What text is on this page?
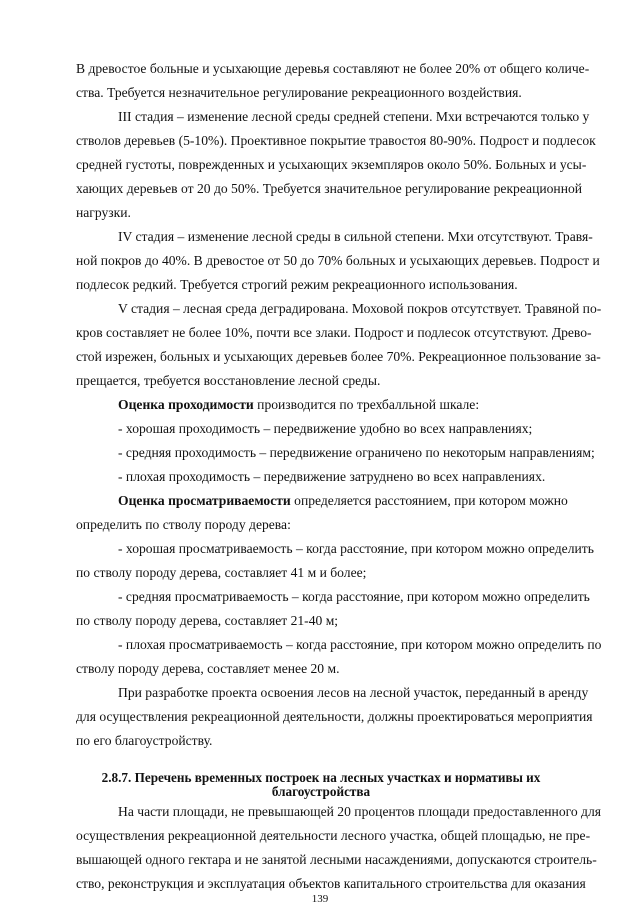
В древостое больные и усыхающие деревья составляют не более 20% от общего количе-
ства. Требуется незначительное регулирование рекреационного воздействия.
III стадия – изменение лесной среды средней степени. Мхи встречаются только у
стволов деревьев (5-10%). Проективное покрытие травостоя 80-90%. Подрост и подлесок
средней густоты, поврежденных и усыхающих экземпляров около 50%. Больных и усы-
хающих деревьев от 20 до 50%. Требуется значительное регулирование рекреационной
нагрузки.
IV стадия – изменение лесной среды в сильной степени. Мхи отсутствуют. Травя-
ной покров до 40%. В древостое от 50 до 70% больных и усыхающих деревьев. Подрост и
подлесок редкий. Требуется строгий режим рекреационного использования.
V стадия – лесная среда деградирована. Моховой покров отсутствует. Травяной по-
кров составляет не более 10%, почти все злаки. Подрост и подлесок отсутствуют. Древо-
стой изрежен, больных и усыхающих деревьев более 70%. Рекреационное пользование за-
прещается, требуется восстановление лесной среды.
Оценка проходимости производится по трехбалльной шкале:
- хорошая проходимость – передвижение удобно во всех направлениях;
- средняя проходимость – передвижение ограничено по некоторым направлениям;
- плохая проходимость – передвижение затруднено во всех направлениях.
Оценка просматриваемости определяется расстоянием, при котором можно
определить по стволу породу дерева:
- хорошая просматриваемость – когда расстояние, при котором можно определить
по стволу породу дерева, составляет 41 м и более;
- средняя просматриваемость – когда расстояние, при котором можно определить
по стволу породу дерева, составляет 21-40 м;
- плохая просматриваемость – когда расстояние, при котором можно определить по
стволу породу дерева, составляет менее 20 м.
При разработке проекта освоения лесов на лесной участок, переданный в аренду
для осуществления рекреационной деятельности, должны проектироваться мероприятия
по его благоустройству.
2.8.7. Перечень временных построек на лесных участках и нормативы их
благоустройства
На части площади, не превышающей 20 процентов площади предоставленного для
осуществления рекреационной деятельности лесного участка, общей площадью, не пре-
вышающей одного гектара и не занятой лесными насаждениями, допускаются строитель-
ство, реконструкция и эксплуатация объектов капитального строительства для оказания
139
